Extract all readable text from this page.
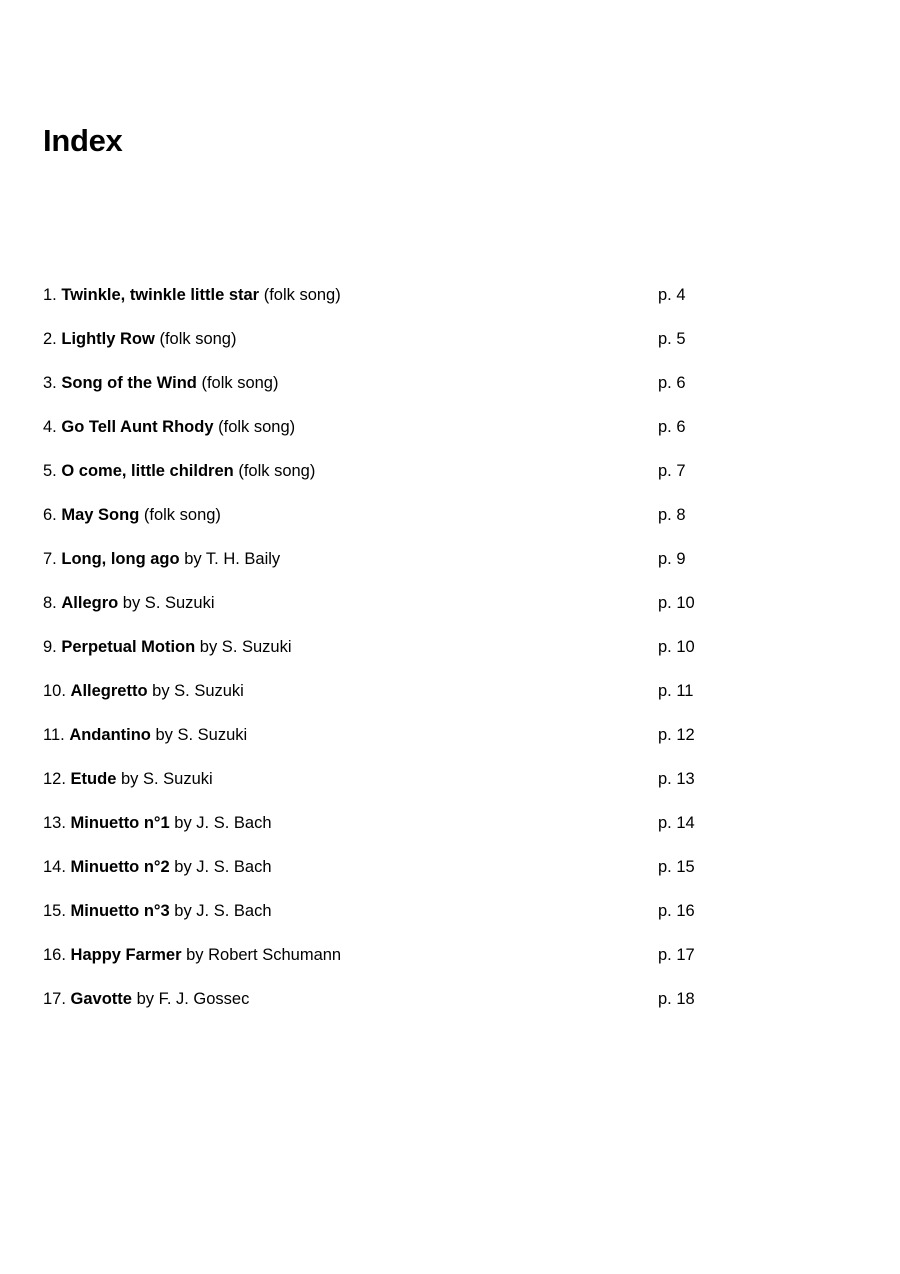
Index
1. Twinkle, twinkle little star (folk song)	p. 4
2. Lightly Row (folk song)	p. 5
3. Song of the Wind (folk song)	p. 6
4. Go Tell Aunt Rhody (folk song)	p. 6
5. O come, little children (folk song)	p. 7
6. May Song (folk song)	p. 8
7. Long, long ago by T. H. Baily	p. 9
8. Allegro by S. Suzuki	p. 10
9. Perpetual Motion by S. Suzuki	p. 10
10. Allegretto by S. Suzuki	p. 11
11. Andantino by S. Suzuki	p. 12
12. Etude by S. Suzuki	p. 13
13. Minuetto n°1 by J. S. Bach	p. 14
14. Minuetto n°2 by J. S. Bach	p. 15
15. Minuetto n°3 by J. S. Bach	p. 16
16. Happy Farmer by Robert Schumann	p. 17
17. Gavotte by F. J. Gossec	p. 18
